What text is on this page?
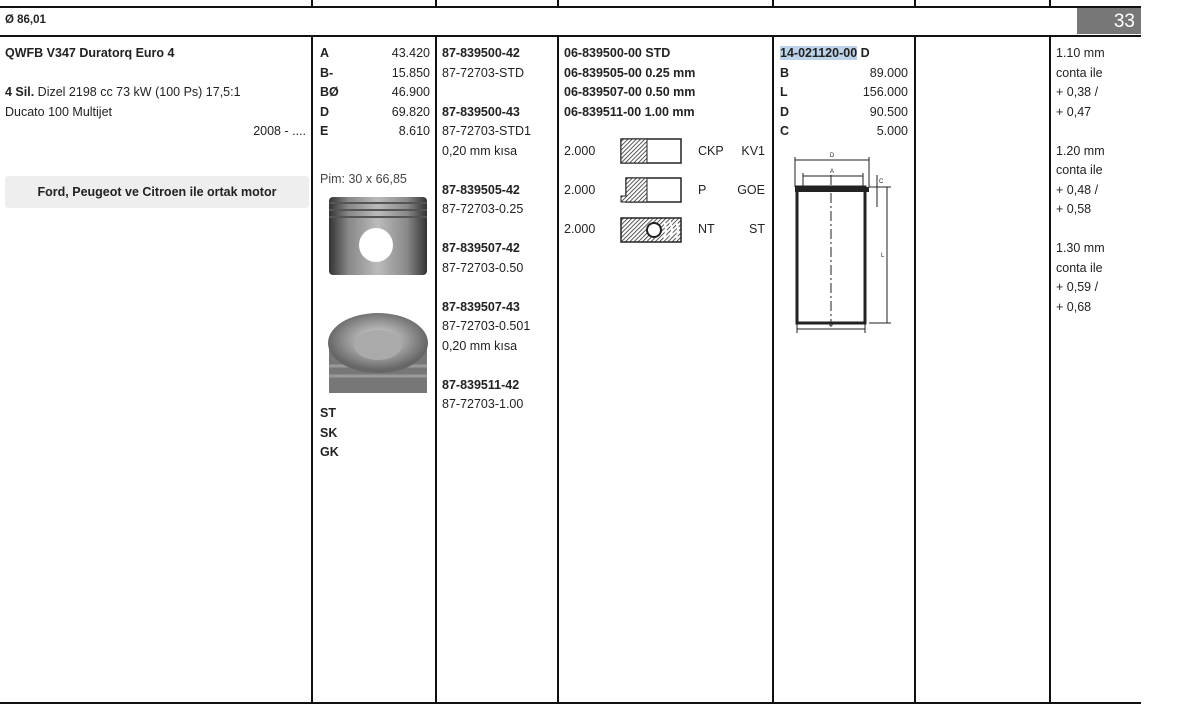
Ø 86,01	33
QWFB V347 Duratorq Euro 4
4 Sil. Dizel 2198 cc 73 kW (100 Ps) 17,5:1
Ducato 100 Multijet
2008 - ....
Ford, Peugeot ve Citroen ile ortak motor
A	43.420
B-	15.850
BØ	46.900
D	69.820
E	8.610
Pim: 30 x 66,85
ST
SK
GK
87-839500-42
87-72703-STD
87-839500-43
87-72703-STD1
0,20 mm kısa
87-839505-42
87-72703-0.25
87-839507-42
87-72703-0.50
87-839507-43
87-72703-0.501
0,20 mm kısa
87-839511-42
87-72703-1.00
06-839500-00 STD
06-839505-00 0.25 mm
06-839507-00 0.50 mm
06-839511-00 1.00 mm
2.000	CKP	KV1
2.000	P	GOE
2.000	NT	ST
14-021120-00 D
B	89.000
L	156.000
D	90.500
C	5.000
D
A
C
L
B
1.10 mm
conta ile
+ 0,38 /
+ 0,47
1.20 mm
conta ile
+ 0,48 /
+ 0,58
1.30 mm
conta ile
+ 0,59 /
+ 0,68
